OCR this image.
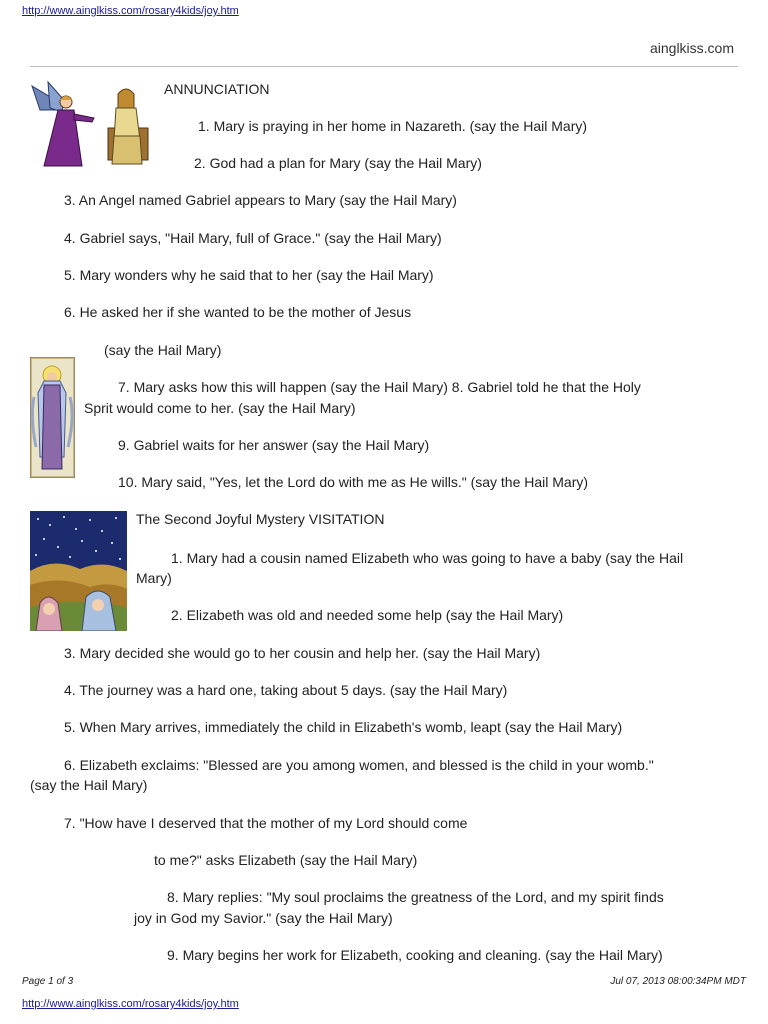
http://www.ainglkiss.com/rosary4kids/joy.htm
ainglkiss.com
ANNUNCIATION
1. Mary is praying in her home in Nazareth. (say the Hail Mary)
2. God had a plan for Mary (say the Hail Mary)
3. An Angel named Gabriel appears to Mary (say the Hail Mary)
4. Gabriel says, "Hail Mary, full of Grace." (say the Hail Mary)
5. Mary wonders why he said that to her (say the Hail Mary)
6. He asked her if she wanted to be the mother of Jesus
(say the Hail Mary)
7. Mary asks how this will happen (say the Hail Mary) 8. Gabriel told he that the Holy
Sprit would come to her. (say the Hail Mary)
9. Gabriel waits for her answer (say the Hail Mary)
10. Mary said, "Yes, let the Lord do with me as He wills." (say the Hail Mary)
The Second Joyful Mystery VISITATION
1. Mary had a cousin named Elizabeth who was going to have a baby (say the Hail
Mary)
2. Elizabeth was old and needed some help (say the Hail Mary)
3. Mary decided she would go to her cousin and help her. (say the Hail Mary)
4. The journey was a hard one, taking about 5 days. (say the Hail Mary)
5. When Mary arrives, immediately the child in Elizabeth's womb, leapt (say the Hail Mary)
6. Elizabeth exclaims: "Blessed are you among women, and blessed is the child in your womb."
(say the Hail Mary)
7. "How have I deserved that the mother of my Lord should come
to me?" asks Elizabeth (say the Hail Mary)
8. Mary replies: "My soul proclaims the greatness of the Lord, and my spirit finds
joy in God my Savior." (say the Hail Mary)
9. Mary begins her work for Elizabeth, cooking and cleaning. (say the Hail Mary)
Page 1 of 3	Jul 07, 2013 08:00:34PM MDT
http://www.ainglkiss.com/rosary4kids/joy.htm
